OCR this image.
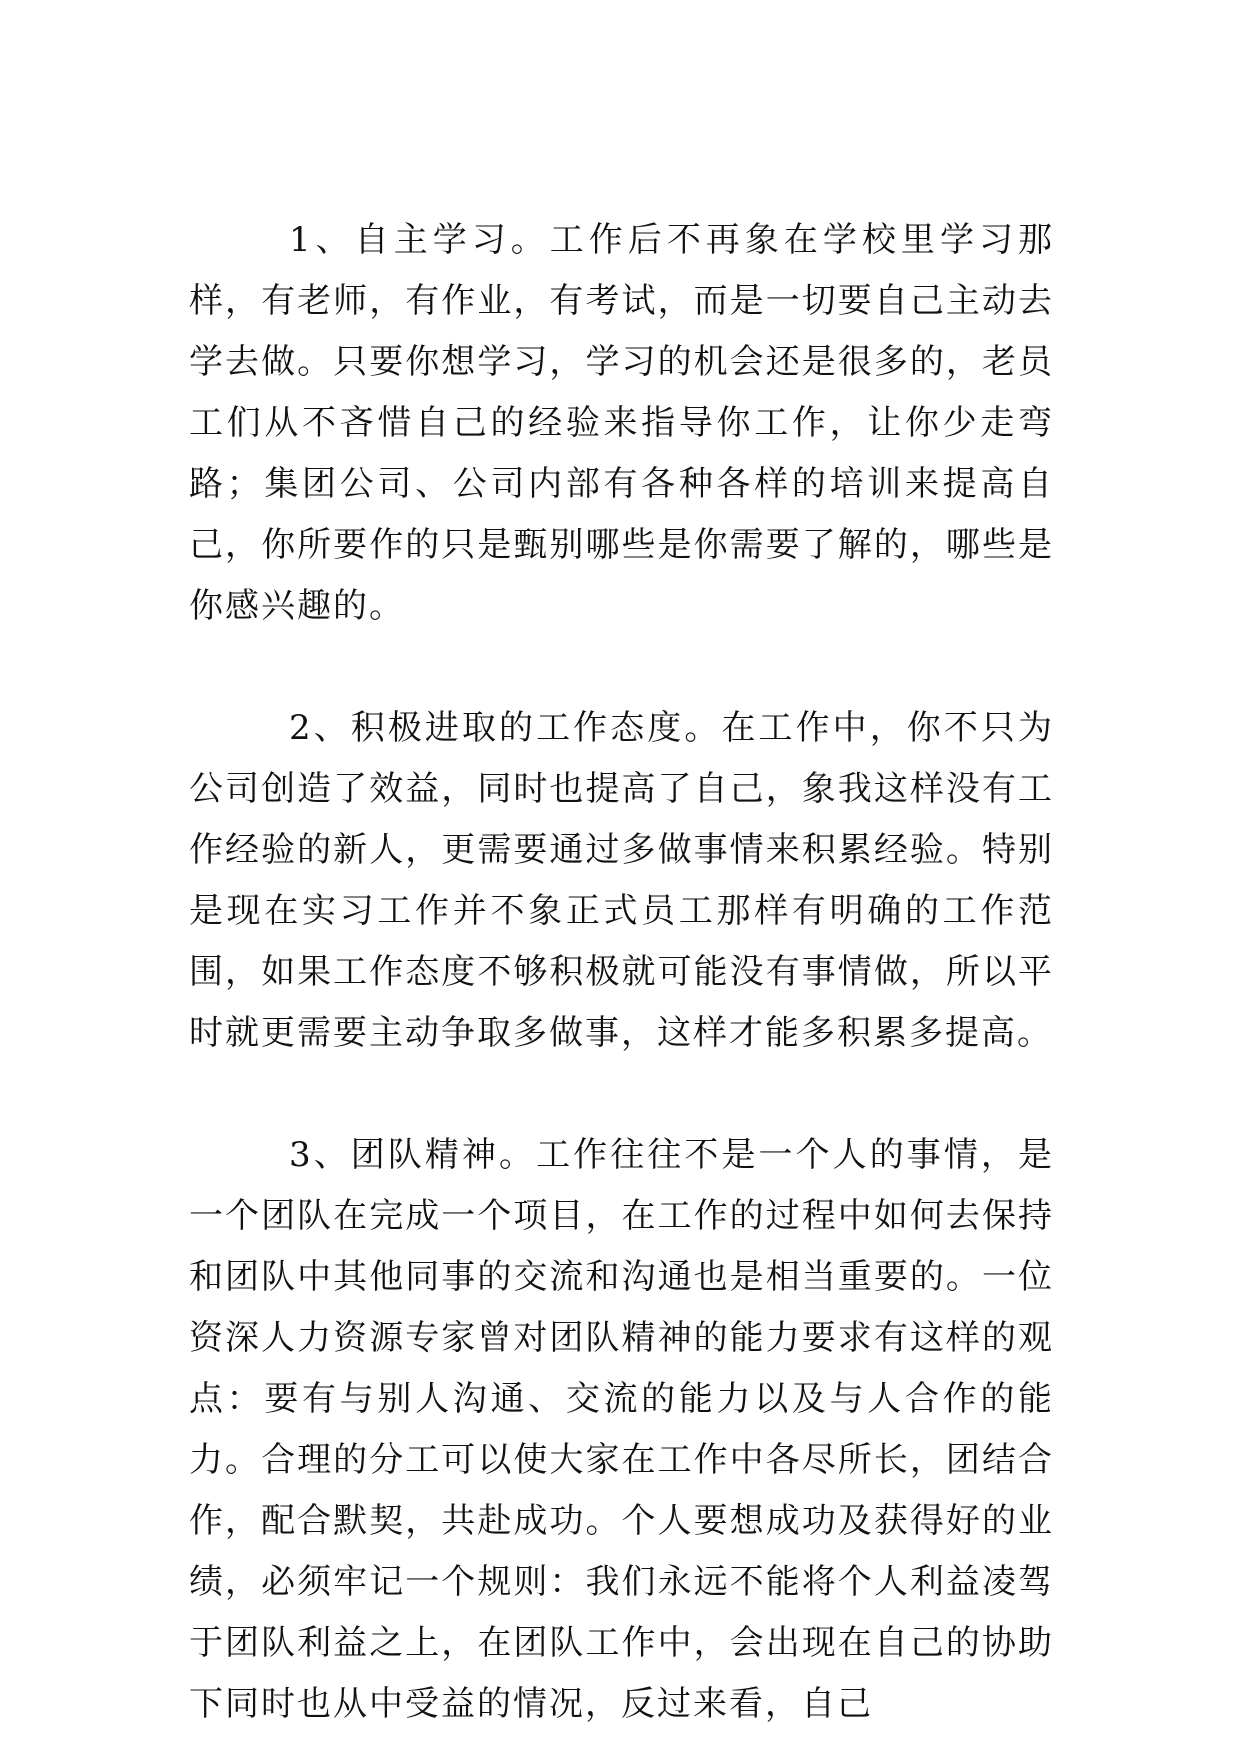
1、自主学习。工作后不再象在学校里学习那样，有老师，有作业，有考试，而是一切要自己主动去学去做。只要你想学习，学习的机会还是很多的，老员工们从不吝惜自己的经验来指导你工作，让你少走弯路；集团公司、公司内部有各种各样的培训来提高自己，你所要作的只是甄别哪些是你需要了解的，哪些是你感兴趣的。

2、积极进取的工作态度。在工作中，你不只为公司创造了效益，同时也提高了自己，象我这样没有工作经验的新人，更需要通过多做事情来积累经验。特别是现在实习工作并不象正式员工那样有明确的工作范围，如果工作态度不够积极就可能没有事情做，所以平时就更需要主动争取多做事，这样才能多积累多提高。

3、团队精神。工作往往不是一个人的事情，是一个团队在完成一个项目，在工作的过程中如何去保持和团队中其他同事的交流和沟通也是相当重要的。一位资深人力资源专家曾对团队精神的能力要求有这样的观点：要有与别人沟通、交流的能力以及与人合作的能力。合理的分工可以使大家在工作中各尽所长，团结合作，配合默契，共赴成功。个人要想成功及获得好的业绩，必须牢记一个规则：我们永远不能将个人利益凌驾于团队利益之上，在团队工作中，会出现在自己的协助下同时也从中受益的情况，反过来看，自己
